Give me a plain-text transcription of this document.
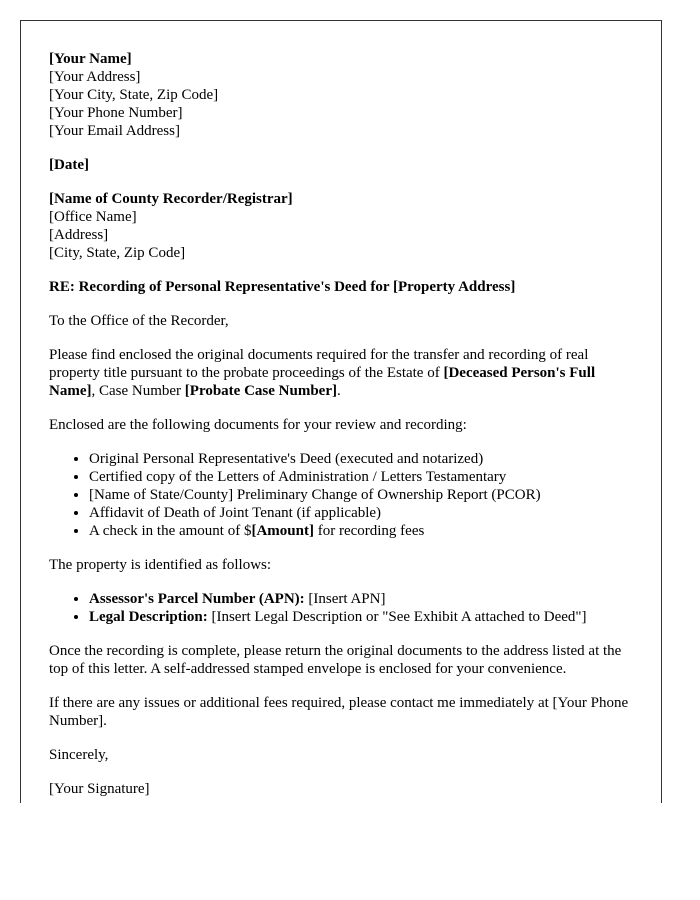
[Your Name]
[Your Address]
[Your City, State, Zip Code]
[Your Phone Number]
[Your Email Address]

[Date]

[Name of County Recorder/Registrar]
[Office Name]
[Address]
[City, State, Zip Code]

RE: Recording of Personal Representative's Deed for [Property Address]

To the Office of the Recorder,

Please find enclosed the original documents required for the transfer and recording of real property title pursuant to the probate proceedings of the Estate of [Deceased Person's Full Name], Case Number [Probate Case Number].

Enclosed are the following documents for your review and recording:

• Original Personal Representative's Deed (executed and notarized)
• Certified copy of the Letters of Administration / Letters Testamentary
• [Name of State/County] Preliminary Change of Ownership Report (PCOR)
• Affidavit of Death of Joint Tenant (if applicable)
• A check in the amount of $[Amount] for recording fees

The property is identified as follows:

• Assessor's Parcel Number (APN): [Insert APN]
• Legal Description: [Insert Legal Description or "See Exhibit A attached to Deed"]

Once the recording is complete, please return the original documents to the address listed at the top of this letter. A self-addressed stamped envelope is enclosed for your convenience.

If there are any issues or additional fees required, please contact me immediately at [Your Phone Number].

Sincerely,

[Your Signature]
